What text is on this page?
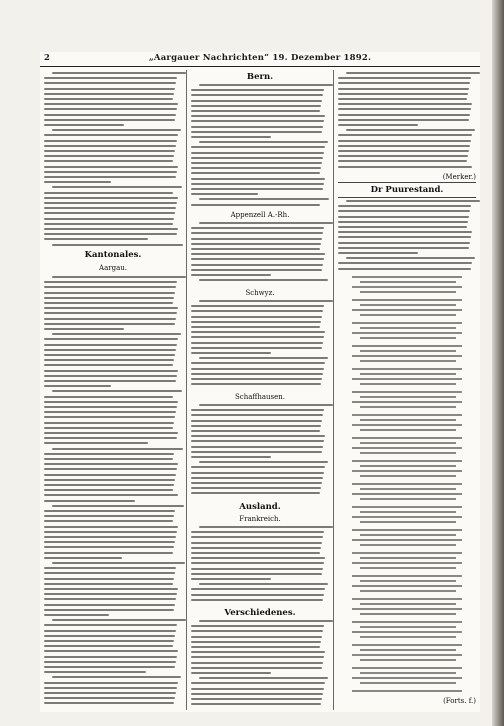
2	„Aargauer Nachrichten“ 19. Dezember 1892.
Kantonales.
Aargau.
Bern.
Appenzell A.-Rh.
Schwyz.
Schaffhausen.
Ausland.
Frankreich.
Verschiedenes.
Dr Puurestand.
(Merker.)
(Forts. f.)
